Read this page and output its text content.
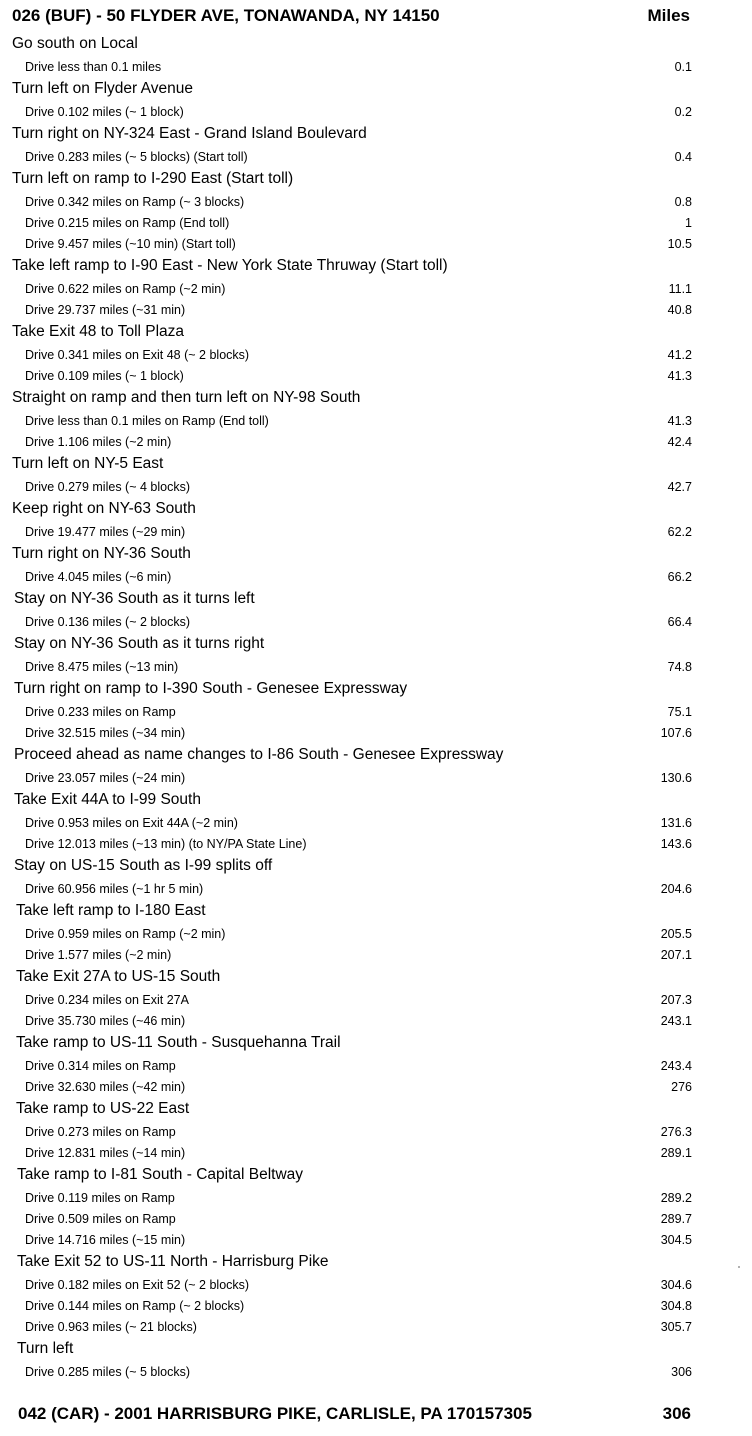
026 (BUF) - 50 FLYDER AVE, TONAWANDA, NY 14150	Miles
Go south on Local
Drive less than 0.1 miles	0.1
Turn left on Flyder Avenue
Drive 0.102 miles (~ 1 block)	0.2
Turn right on NY-324 East - Grand Island Boulevard
Drive 0.283 miles (~ 5 blocks) (Start toll)	0.4
Turn left on ramp to I-290 East (Start toll)
Drive 0.342 miles on Ramp (~ 3 blocks)	0.8
Drive 0.215 miles on Ramp (End toll)	1
Drive 9.457 miles (~10 min) (Start toll)	10.5
Take left ramp to I-90 East - New York State Thruway (Start toll)
Drive 0.622 miles on Ramp (~2 min)	11.1
Drive 29.737 miles (~31 min)	40.8
Take Exit 48 to Toll Plaza
Drive 0.341 miles on Exit 48 (~ 2 blocks)	41.2
Drive 0.109 miles (~ 1 block)	41.3
Straight on ramp and then turn left on NY-98 South
Drive less than 0.1 miles on Ramp (End toll)	41.3
Drive 1.106 miles (~2 min)	42.4
Turn left on NY-5 East
Drive 0.279 miles (~ 4 blocks)	42.7
Keep right on NY-63 South
Drive 19.477 miles (~29 min)	62.2
Turn right on NY-36 South
Drive 4.045 miles (~6 min)	66.2
Stay on NY-36 South as it turns left
Drive 0.136 miles (~ 2 blocks)	66.4
Stay on NY-36 South as it turns right
Drive 8.475 miles (~13 min)	74.8
Turn right on ramp to I-390 South - Genesee Expressway
Drive 0.233 miles on Ramp	75.1
Drive 32.515 miles (~34 min)	107.6
Proceed ahead as name changes to I-86 South - Genesee Expressway
Drive 23.057 miles (~24 min)	130.6
Take Exit 44A to I-99 South
Drive 0.953 miles on Exit 44A (~2 min)	131.6
Drive 12.013 miles (~13 min) (to NY/PA State Line)	143.6
Stay on US-15 South as I-99 splits off
Drive 60.956 miles (~1 hr 5 min)	204.6
Take left ramp to I-180 East
Drive 0.959 miles on Ramp (~2 min)	205.5
Drive 1.577 miles (~2 min)	207.1
Take Exit 27A to US-15 South
Drive 0.234 miles on Exit 27A	207.3
Drive 35.730 miles (~46 min)	243.1
Take ramp to US-11 South - Susquehanna Trail
Drive 0.314 miles on Ramp	243.4
Drive 32.630 miles (~42 min)	276
Take ramp to US-22 East
Drive 0.273 miles on Ramp	276.3
Drive 12.831 miles (~14 min)	289.1
Take ramp to I-81 South - Capital Beltway
Drive 0.119 miles on Ramp	289.2
Drive 0.509 miles on Ramp	289.7
Drive 14.716 miles (~15 min)	304.5
Take Exit 52 to US-11 North - Harrisburg Pike
Drive 0.182 miles on Exit 52 (~ 2 blocks)	304.6
Drive 0.144 miles on Ramp (~ 2 blocks)	304.8
Drive 0.963 miles (~ 21 blocks)	305.7
Turn left
Drive 0.285 miles (~ 5 blocks)	306
042 (CAR) - 2001 HARRISBURG PIKE, CARLISLE, PA 170157305	306
